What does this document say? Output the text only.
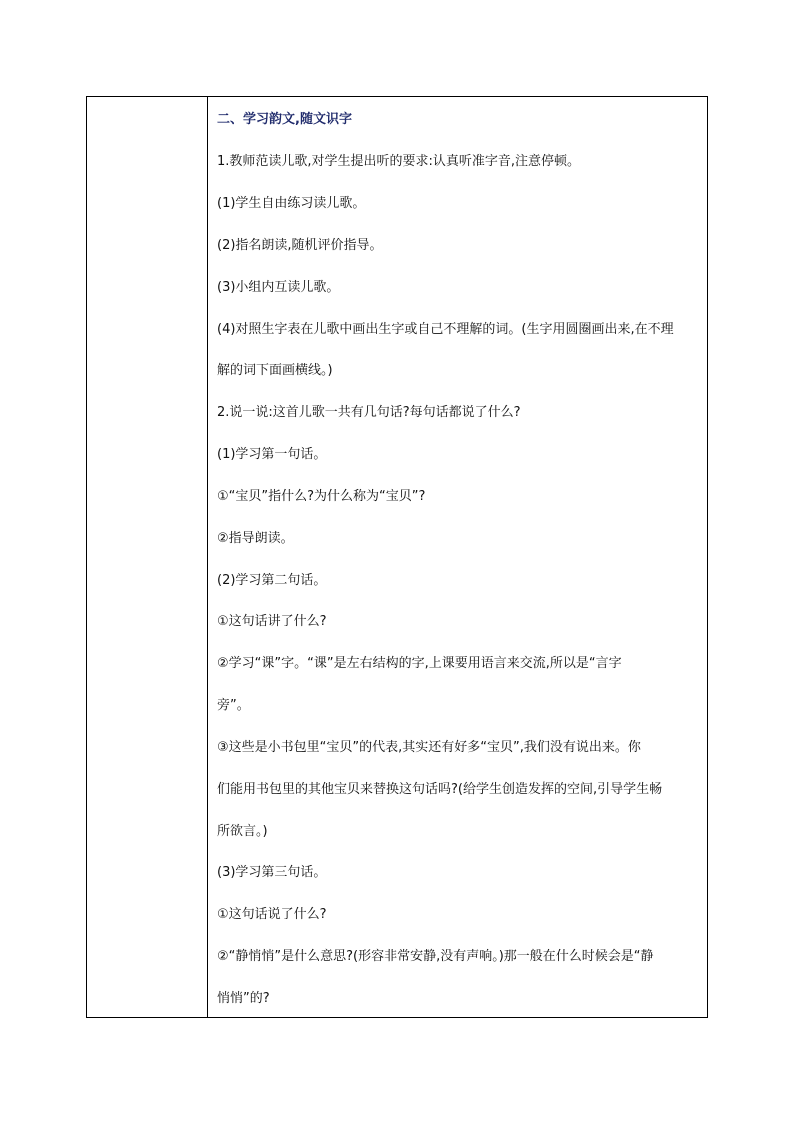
二、学习韵文,随文识字
1.教师范读儿歌,对学生提出听的要求:认真听准字音,注意停顿。
(1)学生自由练习读儿歌。
(2)指名朗读,随机评价指导。
(3)小组内互读儿歌。
(4)对照生字表在儿歌中画出生字或自己不理解的词。(生字用圆圈画出来,在不理
解的词下面画横线。)
2.说一说:这首儿歌一共有几句话?每句话都说了什么?
(1)学习第一句话。
①“宝贝”指什么?为什么称为“宝贝”?
②指导朗读。
(2)学习第二句话。
①这句话讲了什么?
②学习“课”字。“课”是左右结构的字,上课要用语言来交流,所以是“言字
旁”。
③这些是小书包里“宝贝”的代表,其实还有好多“宝贝”,我们没有说出来。你
们能用书包里的其他宝贝来替换这句话吗?(给学生创造发挥的空间,引导学生畅
所欲言。)
(3)学习第三句话。
①这句话说了什么?
②“静悄悄”是什么意思?(形容非常安静,没有声响。)那一般在什么时候会是“静
悄悄”的?
